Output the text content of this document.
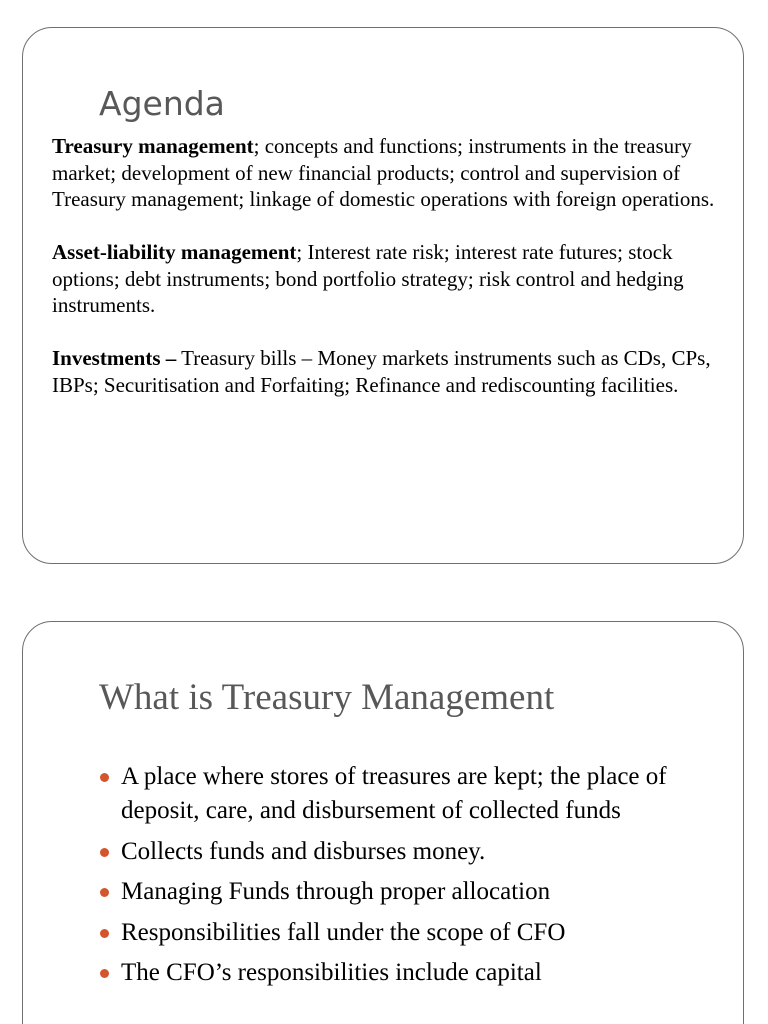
Agenda

Treasury management; concepts and functions; instruments in the treasury market; development of new financial products; control and supervision of Treasury management; linkage of domestic operations with foreign operations.

Asset-liability management; Interest rate risk; interest rate futures; stock options; debt instruments; bond portfolio strategy; risk control and hedging instruments.

Investments – Treasury bills – Money markets instruments such as CDs, CPs, IBPs; Securitisation and Forfaiting; Refinance and rediscounting facilities.

What is Treasury Management
A place where stores of treasures are kept; the place of deposit, care, and disbursement of collected funds
Collects funds and disburses money.
Managing Funds through proper allocation
Responsibilities fall under the scope of CFO
The CFO’s responsibilities include capital
